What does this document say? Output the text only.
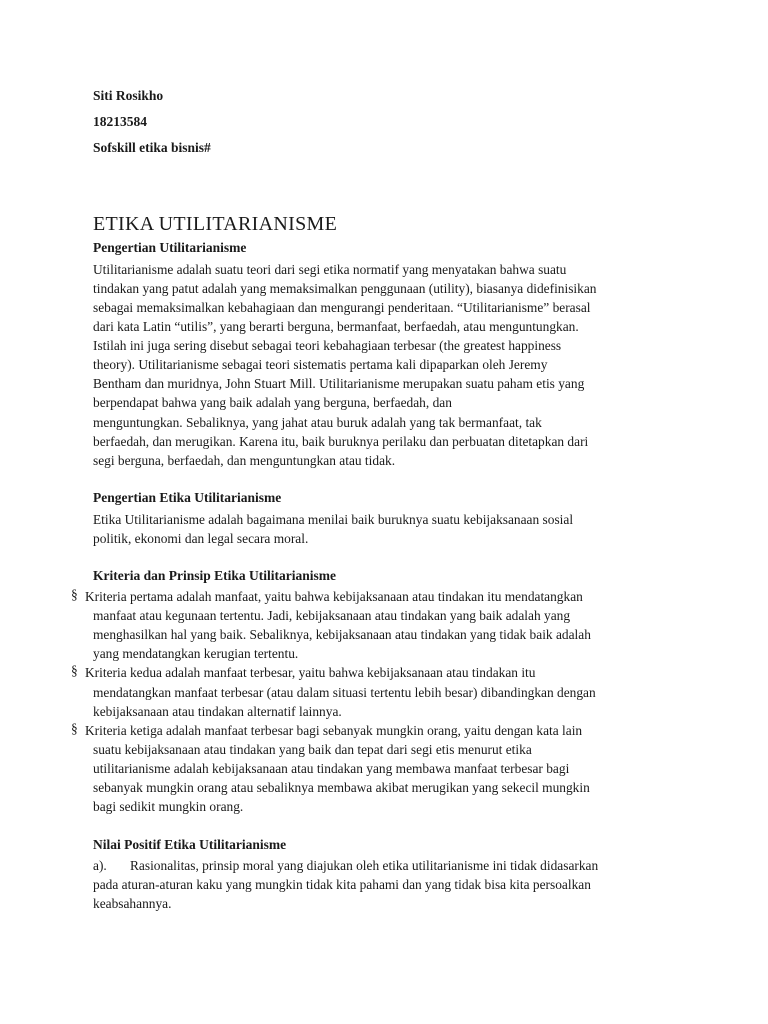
Siti Rosikho
18213584
Sofskill etika bisnis#
ETIKA UTILITARIANISME
Pengertian Utilitarianisme
Utilitarianisme adalah suatu teori dari segi etika normatif yang menyatakan bahwa suatu
tindakan yang patut adalah yang memaksimalkan penggunaan (utility), biasanya didefinisikan
sebagai memaksimalkan kebahagiaan dan mengurangi penderitaan. “Utilitarianisme” berasal
dari kata Latin “utilis”, yang berarti berguna, bermanfaat, berfaedah, atau menguntungkan.
Istilah ini juga sering disebut sebagai teori kebahagiaan terbesar (the greatest happiness
theory). Utilitarianisme sebagai teori sistematis pertama kali dipaparkan oleh Jeremy
Bentham dan muridnya, John Stuart Mill. Utilitarianisme merupakan suatu paham etis yang
berpendapat bahwa yang baik adalah yang berguna, berfaedah, dan
menguntungkan. Sebaliknya, yang jahat atau buruk adalah yang tak bermanfaat, tak
berfaedah, dan merugikan. Karena itu, baik buruknya perilaku dan perbuatan ditetapkan dari
segi berguna, berfaedah, dan menguntungkan atau tidak.
Pengertian Etika Utilitarianisme
Etika Utilitarianisme adalah bagaimana menilai baik buruknya suatu kebijaksanaan sosial
politik, ekonomi dan legal secara moral.
Kriteria dan Prinsip Etika Utilitarianisme
§ Kriteria pertama adalah manfaat, yaitu bahwa kebijaksanaan atau tindakan itu mendatangkan
manfaat atau kegunaan tertentu. Jadi, kebijaksanaan atau tindakan yang baik adalah yang
menghasilkan hal yang baik. Sebaliknya, kebijaksanaan atau tindakan yang tidak baik adalah
yang mendatangkan kerugian tertentu.
§ Kriteria kedua adalah manfaat terbesar, yaitu bahwa kebijaksanaan atau tindakan itu
mendatangkan manfaat terbesar (atau dalam situasi tertentu lebih besar) dibandingkan dengan
kebijaksanaan atau tindakan alternatif lainnya.
§ Kriteria ketiga adalah manfaat terbesar bagi sebanyak mungkin orang, yaitu dengan kata lain
suatu kebijaksanaan atau tindakan yang baik dan tepat dari segi etis menurut etika
utilitarianisme adalah kebijaksanaan atau tindakan yang membawa manfaat terbesar bagi
sebanyak mungkin orang atau sebaliknya membawa akibat merugikan yang sekecil mungkin
bagi sedikit mungkin orang.
Nilai Positif Etika Utilitarianisme
a). Rasionalitas, prinsip moral yang diajukan oleh etika utilitarianisme ini tidak didasarkan
pada aturan-aturan kaku yang mungkin tidak kita pahami dan yang tidak bisa kita persoalkan
keabsahannya.
